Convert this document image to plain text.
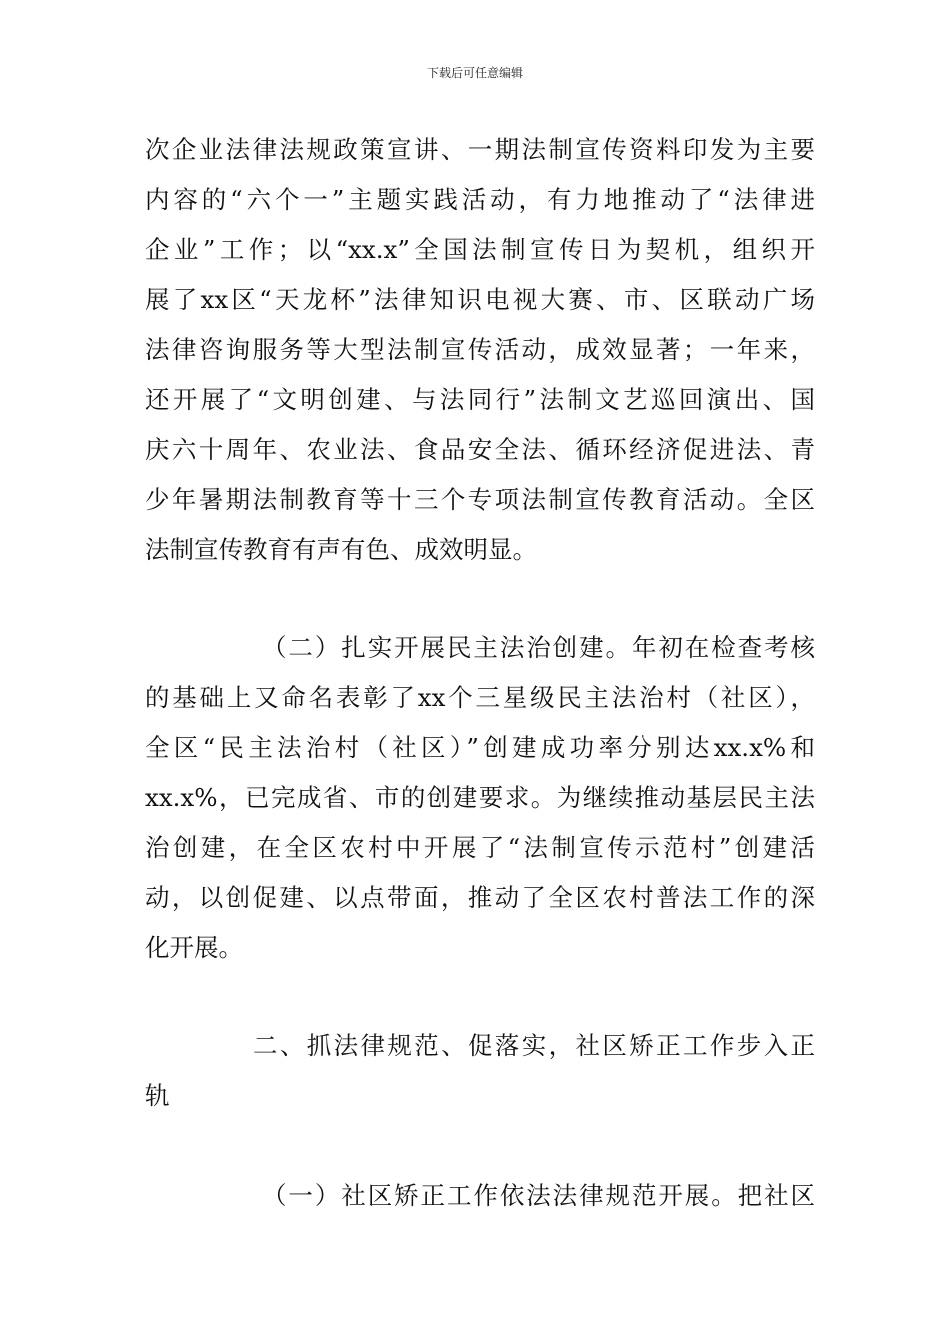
下载后可任意编辑
次企业法律法规政策宣讲、一期法制宣传资料印发为主要
内容的“六个一”主题实践活动，有力地推动了“法律进
企业”工作；以“xx.x”全国法制宣传日为契机，组织开
展了xx区“天龙杯”法律知识电视大赛、市、区联动广场
法律咨询服务等大型法制宣传活动，成效显著；一年来，
还开展了“文明创建、与法同行”法制文艺巡回演出、国
庆六十周年、农业法、食品安全法、循环经济促进法、青
少年暑期法制教育等十三个专项法制宣传教育活动。全区
法制宣传教育有声有色、成效明显。
（二）扎实开展民主法治创建。年初在检查考核
的基础上又命名表彰了xx个三星级民主法治村（社区），
全区“民主法治村（社区）”创建成功率分别达xx.x%和
xx.x%，已完成省、市的创建要求。为继续推动基层民主法
治创建，在全区农村中开展了“法制宣传示范村”创建活
动，以创促建、以点带面，推动了全区农村普法工作的深
化开展。
二、抓法律规范、促落实，社区矫正工作步入正
轨
（一）社区矫正工作依法法律规范开展。把社区
